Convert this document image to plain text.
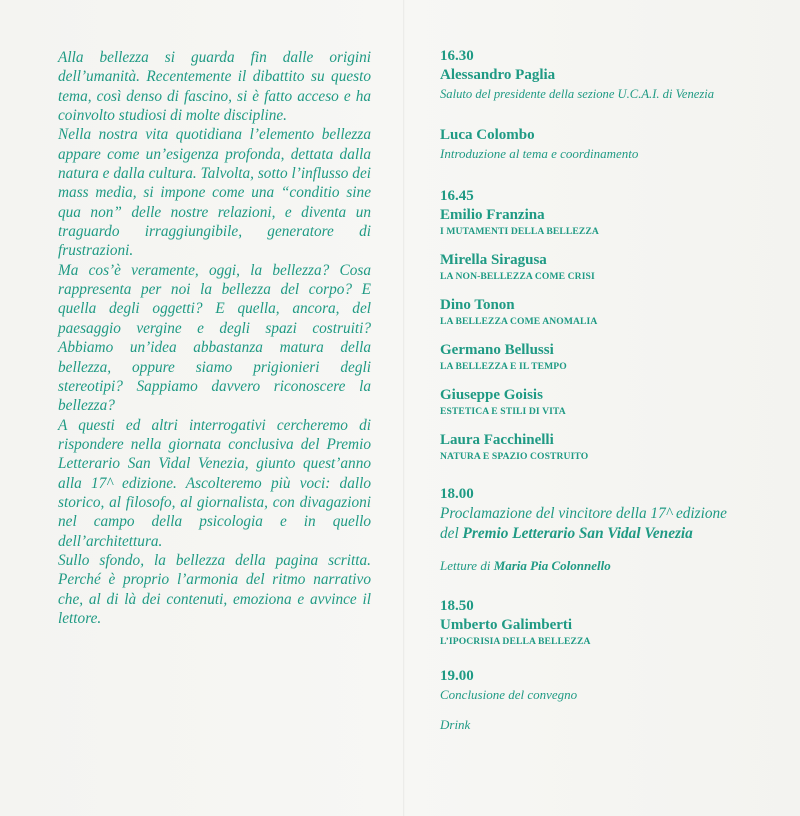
Alla bellezza si guarda fin dalle origini dell’umanità. Recentemente il dibattito su questo tema, così denso di fascino, si è fatto acceso e ha coinvolto studiosi di molte discipline.

Nella nostra vita quotidiana l’elemento bellezza appare come un’esigenza profonda, dettata dalla natura e dalla cultura. Talvolta, sotto l’influsso dei mass media, si impone come una “conditio sine qua non” delle nostre relazioni, e diventa un traguardo irraggiungibile, generatore di frustrazioni.

Ma cos’è veramente, oggi, la bellezza? Cosa rappresenta per noi la bellezza del corpo? E quella degli oggetti? E quella, ancora, del paesaggio vergine e degli spazi costruiti? Abbiamo un’idea abbastanza matura della bellezza, oppure siamo prigionieri degli stereotipi? Sappiamo davvero riconoscere la bellezza?

A questi ed altri interrogativi cercheremo di rispondere nella giornata conclusiva del Premio Letterario San Vidal Venezia, giunto quest’anno alla 17^ edizione. Ascolteremo più voci: dallo storico, al filosofo, al giornalista, con divagazioni nel campo della psicologia e in quello dell’architettura.

Sullo sfondo, la bellezza della pagina scritta. Perché è proprio l’armonia del ritmo narrativo che, al di là dei contenuti, emoziona e avvince il lettore.

16.30
Alessandro Paglia
Saluto del presidente della sezione U.C.A.I. di Venezia
Luca Colombo
Introduzione al tema e coordinamento
16.45
Emilio Franzina
I MUTAMENTI DELLA BELLEZZA
Mirella Siragusa
LA NON-BELLEZZA COME CRISI
Dino Tonon
LA BELLEZZA COME ANOMALIA
Germano Bellussi
LA BELLEZZA E IL TEMPO
Giuseppe Goisis
ESTETICA E STILI DI VITA
Laura Facchinelli
NATURA E SPAZIO COSTRUITO
18.00
Proclamazione del vincitore della 17^ edizione
del Premio Letterario San Vidal Venezia
Letture di Maria Pia Colonnello
18.50
Umberto Galimberti
L’IPOCRISIA DELLA BELLEZZA
19.00
Conclusione del convegno
Drink
